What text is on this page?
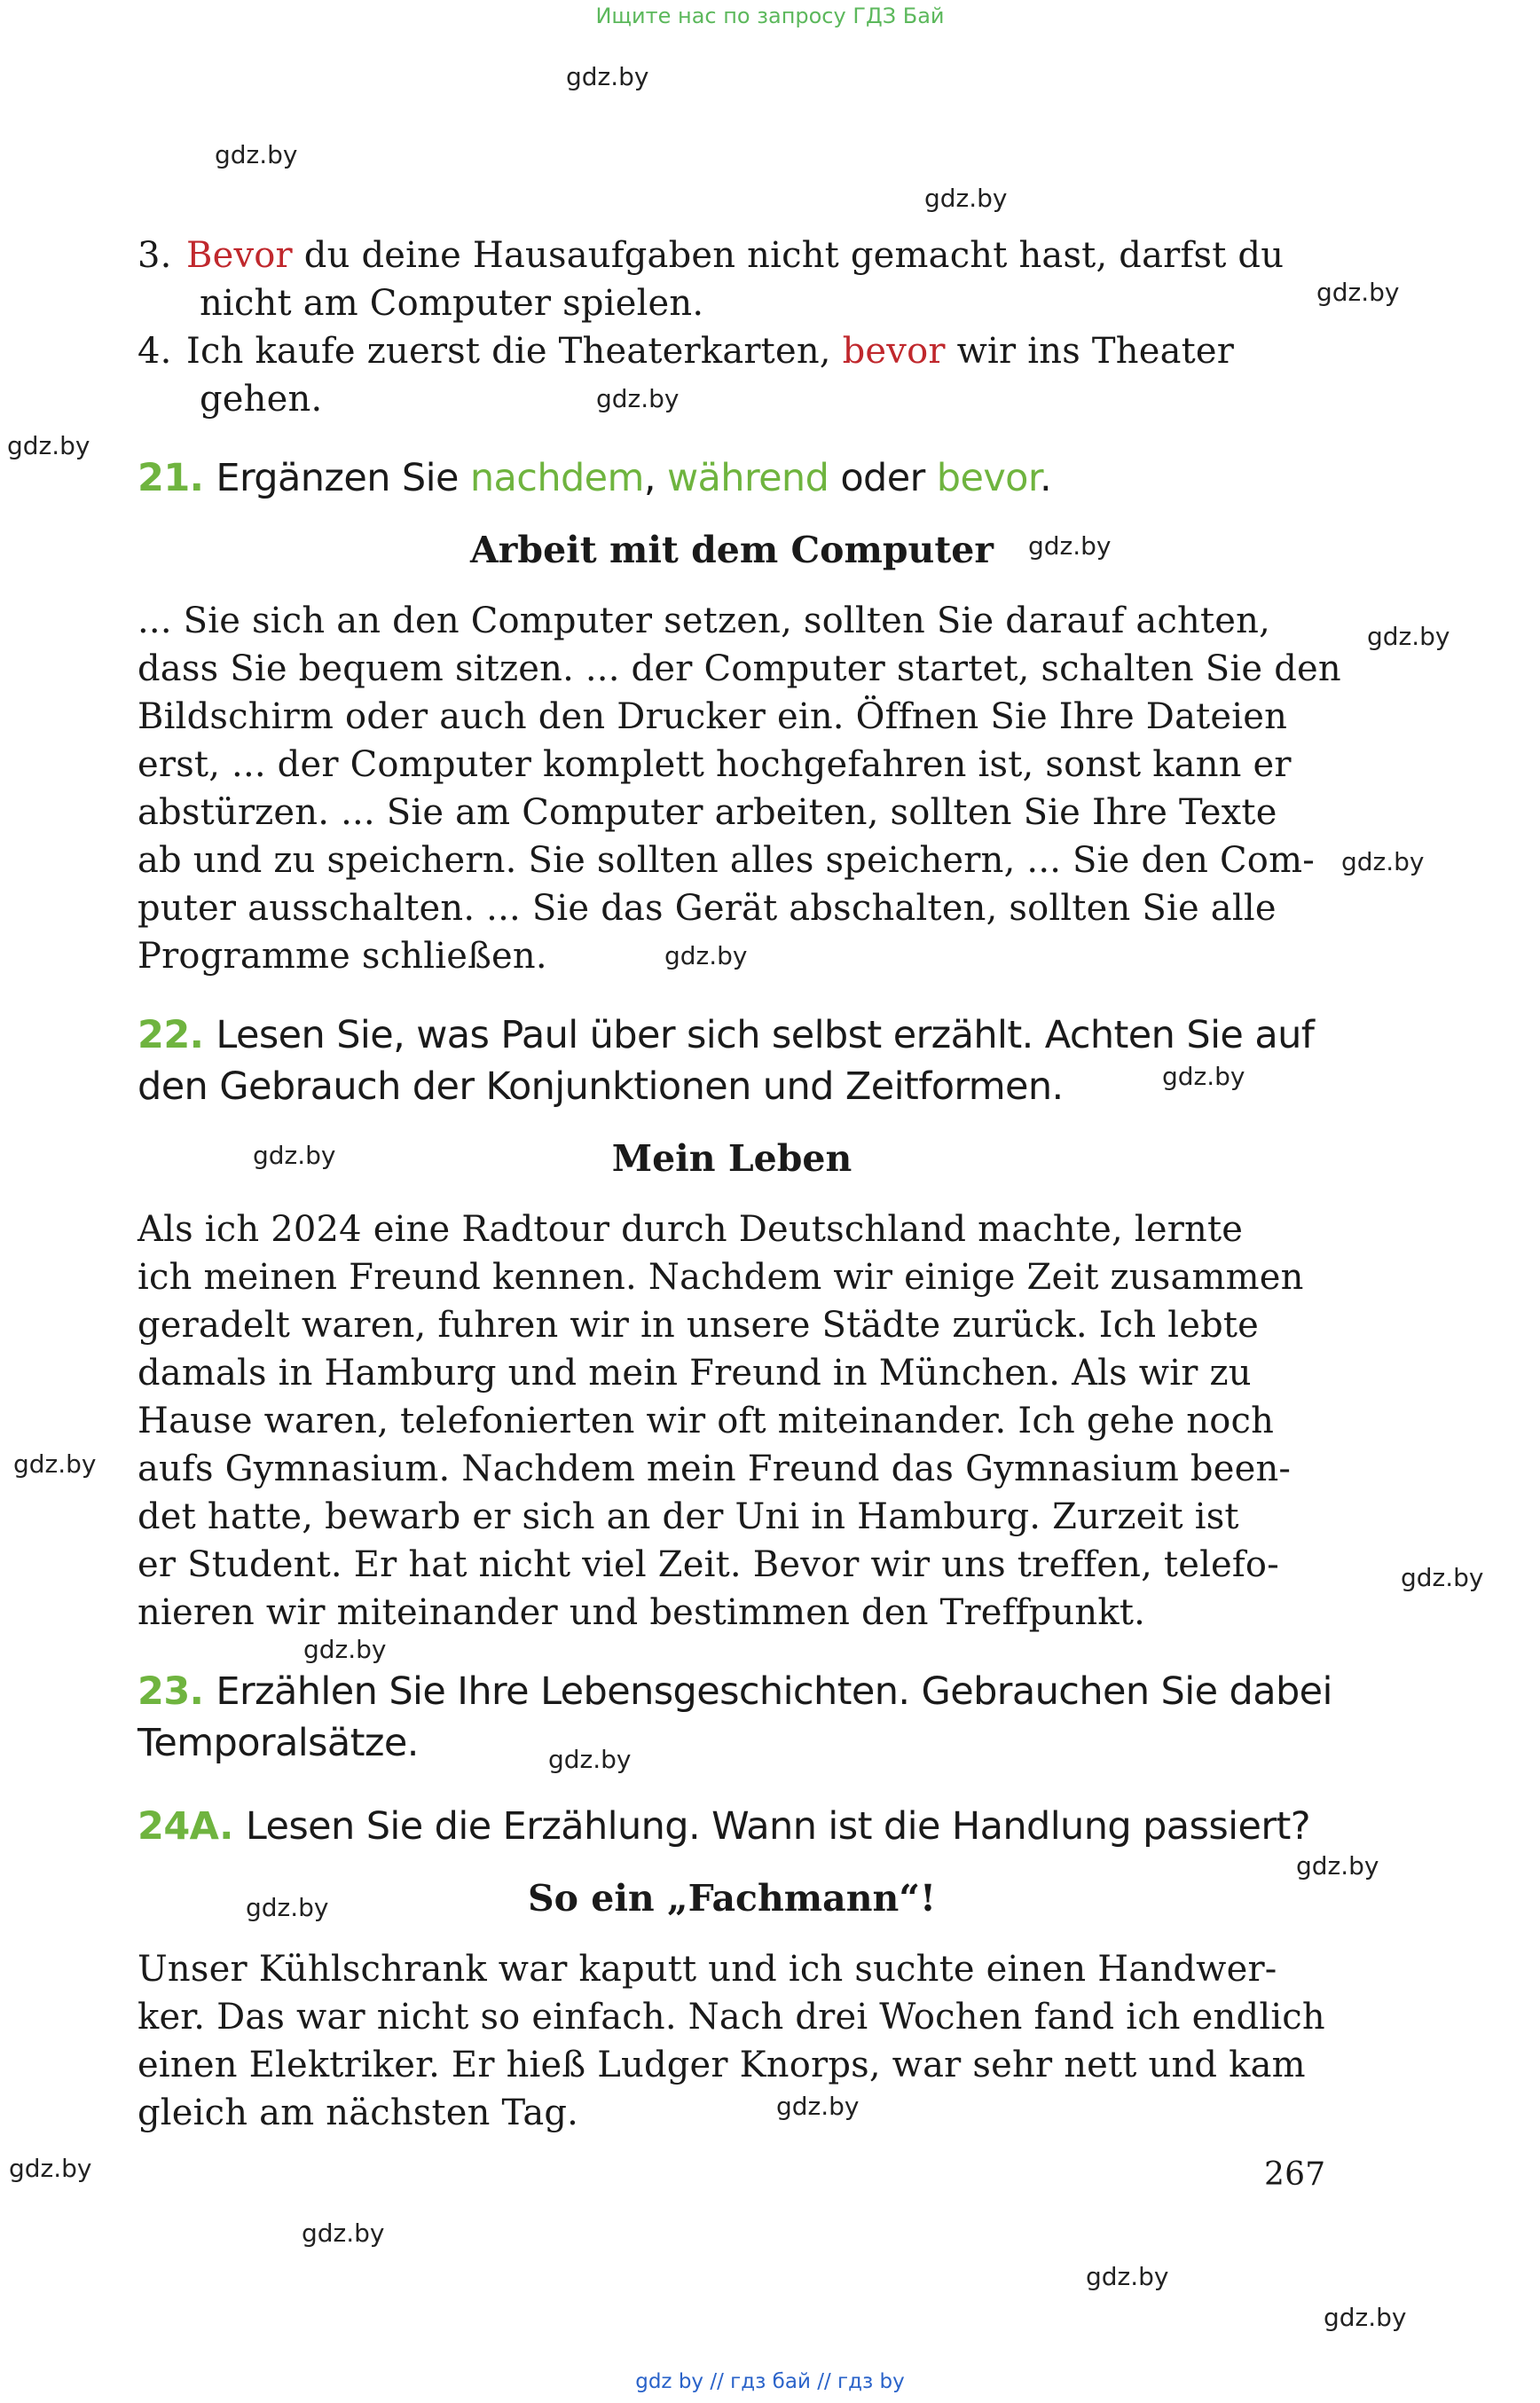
Ищите нас по запросу ГДЗ Бай
gdz.by
gdz.by
gdz.by
gdz.by
gdz.by
gdz.by
gdz.by
gdz.by
gdz.by
gdz.by
gdz.by
gdz.by
gdz.by
gdz.by
gdz.by
gdz.by
gdz.by
gdz.by
gdz.by
gdz.by
gdz.by
gdz.by
gdz.by
3. Bevor du deine Hausaufgaben nicht gemacht hast, darfst du
nicht am Computer spielen.
4. Ich kaufe zuerst die Theaterkarten, bevor wir ins Theater
gehen.
21. Ergänzen Sie nachdem, während oder bevor.
Arbeit mit dem Computer
... Sie sich an den Computer setzen, sollten Sie darauf achten,
dass Sie bequem sitzen. ... der Computer startet, schalten Sie den
Bildschirm oder auch den Drucker ein. Öffnen Sie Ihre Dateien
erst, ... der Computer komplett hochgefahren ist, sonst kann er
abstürzen. ... Sie am Computer arbeiten, sollten Sie Ihre Texte
ab und zu speichern. Sie sollten alles speichern, ... Sie den Com-
puter ausschalten. ... Sie das Gerät abschalten, sollten Sie alle
Programme schließen.
22. Lesen Sie, was Paul über sich selbst erzählt. Achten Sie auf
den Gebrauch der Konjunktionen und Zeitformen.
Mein Leben
Als ich 2024 eine Radtour durch Deutschland machte, lernte
ich meinen Freund kennen. Nachdem wir einige Zeit zusammen
geradelt waren, fuhren wir in unsere Städte zurück. Ich lebte
damals in Hamburg und mein Freund in München. Als wir zu
Hause waren, telefonierten wir oft miteinander. Ich gehe noch
aufs Gymnasium. Nachdem mein Freund das Gymnasium been-
det hatte, bewarb er sich an der Uni in Hamburg. Zurzeit ist
er Student. Er hat nicht viel Zeit. Bevor wir uns treffen, telefo-
nieren wir miteinander und bestimmen den Treffpunkt.
23. Erzählen Sie Ihre Lebensgeschichten. Gebrauchen Sie dabei
Temporalsätze.
24A. Lesen Sie die Erzählung. Wann ist die Handlung passiert?
So ein „Fachmann“!
Unser Kühlschrank war kaputt und ich suchte einen Handwer-
ker. Das war nicht so einfach. Nach drei Wochen fand ich endlich
einen Elektriker. Er hieß Ludger Knorps, war sehr nett und kam
gleich am nächsten Tag.
267
gdz by // гдз бай // гдз by
